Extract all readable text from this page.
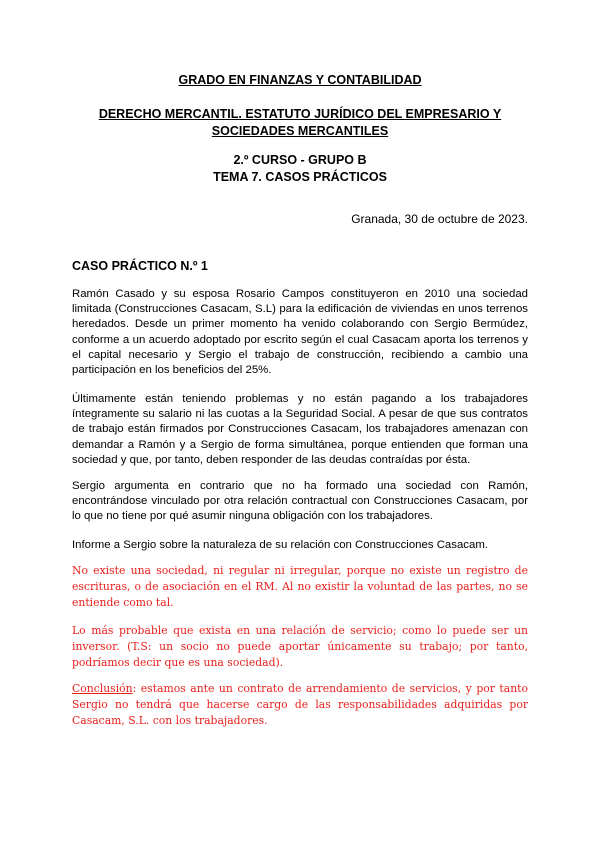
GRADO EN FINANZAS Y CONTABILIDAD
DERECHO MERCANTIL. ESTATUTO JURÍDICO DEL EMPRESARIO Y
SOCIEDADES MERCANTILES
2.º CURSO - GRUPO B
TEMA 7. CASOS PRÁCTICOS
Granada, 30 de octubre de 2023.
CASO PRÁCTICO N.º 1

Ramón Casado y su esposa Rosario Campos constituyeron en 2010 una sociedad limitada (Construcciones Casacam, S.L) para la edificación de viviendas en unos terrenos heredados. Desde un primer momento ha venido colaborando con Sergio Bermúdez, conforme a un acuerdo adoptado por escrito según el cual Casacam aporta los terrenos y el capital necesario y Sergio el trabajo de construcción, recibiendo a cambio una participación en los beneficios del 25%.

Últimamente están teniendo problemas y no están pagando a los trabajadores íntegramente su salario ni las cuotas a la Seguridad Social. A pesar de que sus contratos de trabajo están firmados por Construcciones Casacam, los trabajadores amenazan con demandar a Ramón y a Sergio de forma simultánea, porque entienden que forman una sociedad y que, por tanto, deben responder de las deudas contraídas por ésta.

Sergio argumenta en contrario que no ha formado una sociedad con Ramón, encontrándose vinculado por otra relación contractual con Construcciones Casacam, por lo que no tiene por qué asumir ninguna obligación con los trabajadores.

Informe a Sergio sobre la naturaleza de su relación con Construcciones Casacam.

No existe una sociedad, ni regular ni irregular, porque no existe un registro de escrituras, o de asociación en el RM. Al no existir la voluntad de las partes, no se entiende como tal.

Lo más probable que exista en una relación de servicio; como lo puede ser un inversor. (T.S: un socio no puede aportar únicamente su trabajo; por tanto, podríamos decir que es una sociedad).

Conclusión: estamos ante un contrato de arrendamiento de servicios, y por tanto Sergio no tendrá que hacerse cargo de las responsabilidades adquiridas por Casacam, S.L. con los trabajadores.
